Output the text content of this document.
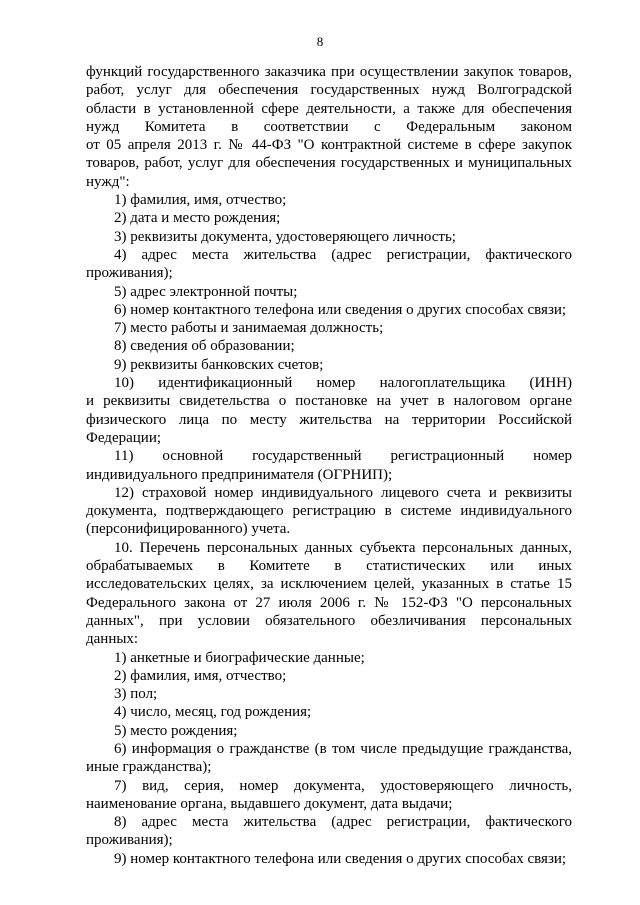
8
функций государственного заказчика при осуществлении закупок товаров,
работ, услуг для обеспечения государственных нужд Волгоградской
области в установленной сфере деятельности, а также для обеспечения
нужд Комитета в соответствии с Федеральным законом
от 05 апреля 2013 г. № 44-ФЗ "О контрактной системе в сфере закупок
товаров, работ, услуг для обеспечения государственных и муниципальных
нужд":
1) фамилия, имя, отчество;
2) дата и место рождения;
3) реквизиты документа, удостоверяющего личность;
4) адрес места жительства (адрес регистрации, фактического
проживания);
5) адрес электронной почты;
6) номер контактного телефона или сведения о других способах связи;
7) место работы и занимаемая должность;
8) сведения об образовании;
9) реквизиты банковских счетов;
10) идентификационный номер налогоплательщика (ИНН)
и реквизиты свидетельства о постановке на учет в налоговом органе
физического лица по месту жительства на территории Российской
Федерации;
11) основной государственный регистрационный номер
индивидуального предпринимателя (ОГРНИП);
12) страховой номер индивидуального лицевого счета и реквизиты
документа, подтверждающего регистрацию в системе индивидуального
(персонифицированного) учета.
10. Перечень персональных данных субъекта персональных данных,
обрабатываемых в Комитете в статистических или иных
исследовательских целях, за исключением целей, указанных в статье 15
Федерального закона от 27 июля 2006 г. № 152-ФЗ "О персональных
данных", при условии обязательного обезличивания персональных
данных:
1) анкетные и биографические данные;
2) фамилия, имя, отчество;
3) пол;
4) число, месяц, год рождения;
5) место рождения;
6) информация о гражданстве (в том числе предыдущие гражданства,
иные гражданства);
7) вид, серия, номер документа, удостоверяющего личность,
наименование органа, выдавшего документ, дата выдачи;
8) адрес места жительства (адрес регистрации, фактического
проживания);
9) номер контактного телефона или сведения о других способах связи;
